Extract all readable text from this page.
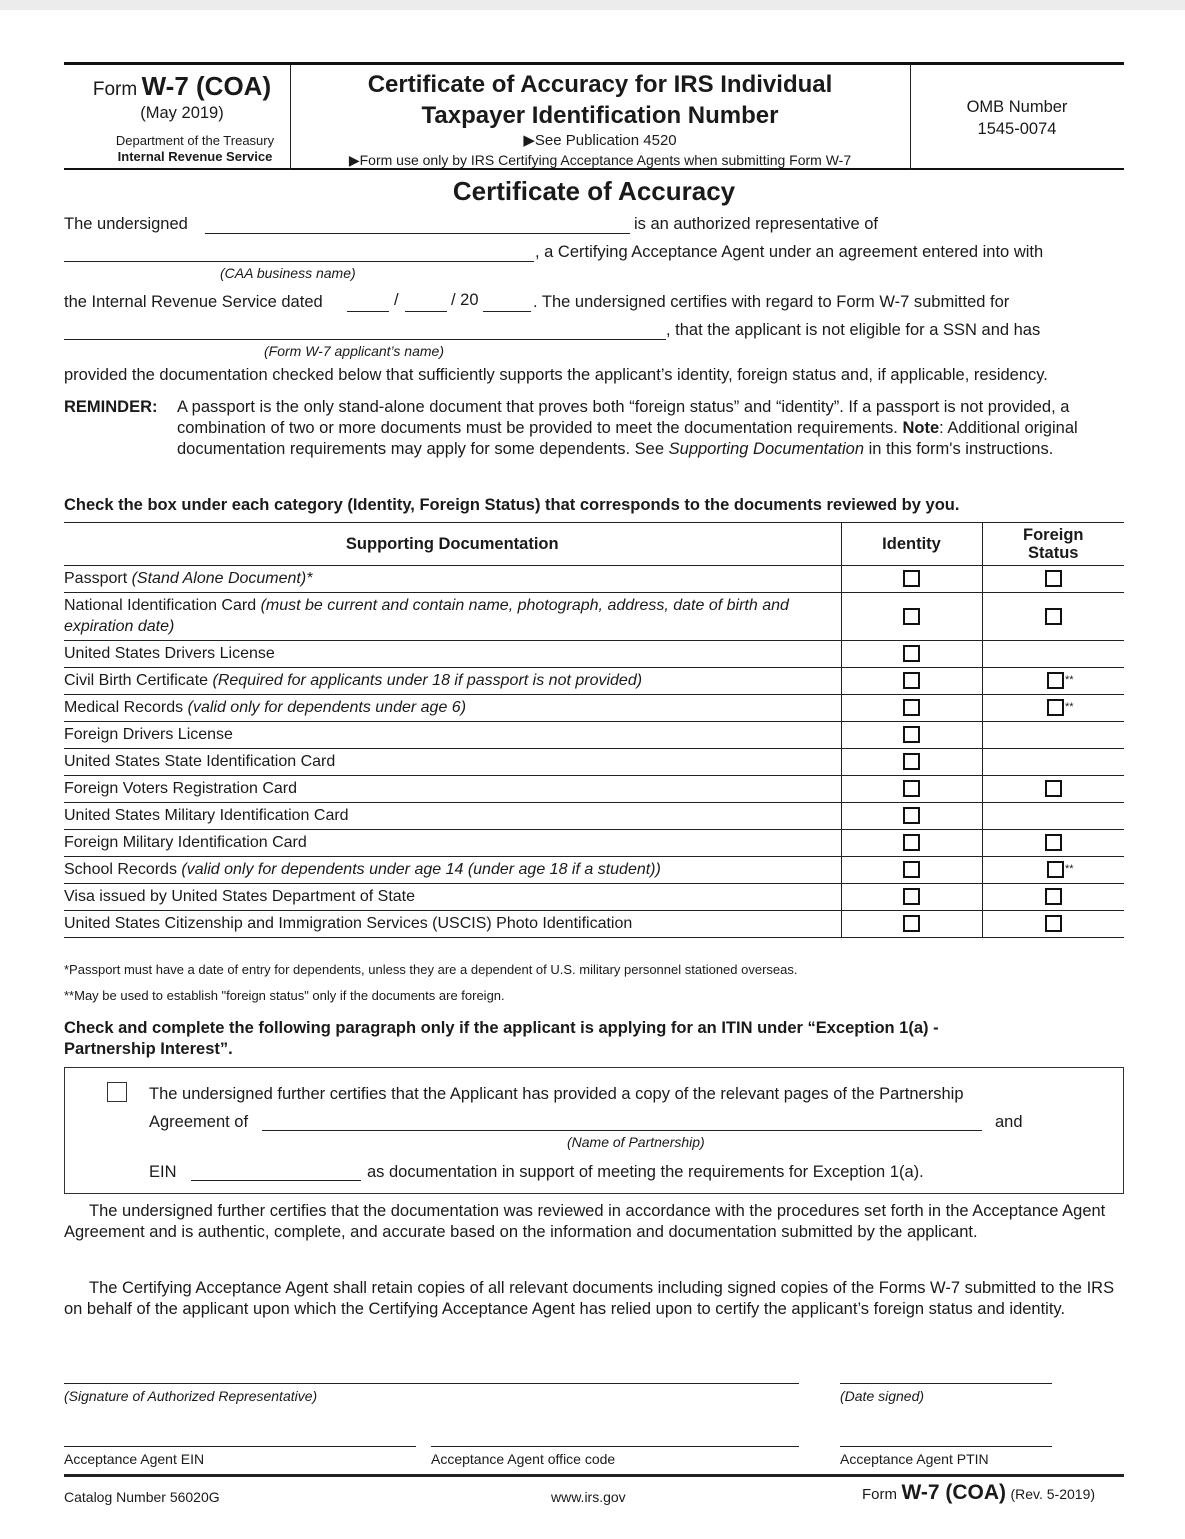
Form W-7 (COA)
(May 2019)
Department of the Treasury
Internal Revenue Service
Certificate of Accuracy for IRS Individual
Taxpayer Identification Number
▶See Publication 4520
▶Form use only by IRS Certifying Acceptance Agents when submitting Form W-7
OMB Number
1545-0074
Certificate of Accuracy
The undersigned	is an authorized representative of
, a Certifying Acceptance Agent under an agreement entered into with
(CAA business name)
the Internal Revenue Service dated	/	/ 20	. The undersigned certifies with regard to Form W-7 submitted for
, that the applicant is not eligible for a SSN and has
(Form W-7 applicant’s name)
provided the documentation checked below that sufficiently supports the applicant’s identity, foreign status and, if applicable, residency.
REMINDER: A passport is the only stand-alone document that proves both “foreign status” and “identity”. If a passport is not provided, a combination of two or more documents must be provided to meet the documentation requirements. Note: Additional original documentation requirements may apply for some dependents. See Supporting Documentation in this form's instructions.
Check the box under each category (Identity, Foreign Status) that corresponds to the documents reviewed by you.
Supporting Documentation	Identity	Foreign
Status

Passport (Stand Alone Document)*		
National Identification Card (must be current and contain name, photograph, address, date of birth and expiration date)		
United States Drivers License		
Civil Birth Certificate (Required for applicants under 18 if passport is not provided)		**
Medical Records (valid only for dependents under age 6)		**
Foreign Drivers License		
United States State Identification Card		
Foreign Voters Registration Card		
United States Military Identification Card		
Foreign Military Identification Card		
School Records (valid only for dependents under age 14 (under age 18 if a student))		**
Visa issued by United States Department of State		
United States Citizenship and Immigration Services (USCIS) Photo Identification		
*Passport must have a date of entry for dependents, unless they are a dependent of U.S. military personnel stationed overseas.
**May be used to establish "foreign status" only if the documents are foreign.
Check and complete the following paragraph only if the applicant is applying for an ITIN under “Exception 1(a) - Partnership Interest”.
The undersigned further certifies that the Applicant has provided a copy of the relevant pages of the Partnership
Agreement of	and
(Name of Partnership)
EIN	as documentation in support of meeting the requirements for Exception 1(a).
The undersigned further certifies that the documentation was reviewed in accordance with the procedures set forth in the Acceptance Agent Agreement and is authentic, complete, and accurate based on the information and documentation submitted by the applicant.
The Certifying Acceptance Agent shall retain copies of all relevant documents including signed copies of the Forms W-7 submitted to the IRS on behalf of the applicant upon which the Certifying Acceptance Agent has relied upon to certify the applicant’s foreign status and identity.
(Signature of Authorized Representative)	(Date signed)
Acceptance Agent EIN	Acceptance Agent office code	Acceptance Agent PTIN
Catalog Number 56020G	www.irs.gov	Form W-7 (COA) (Rev. 5-2019)
